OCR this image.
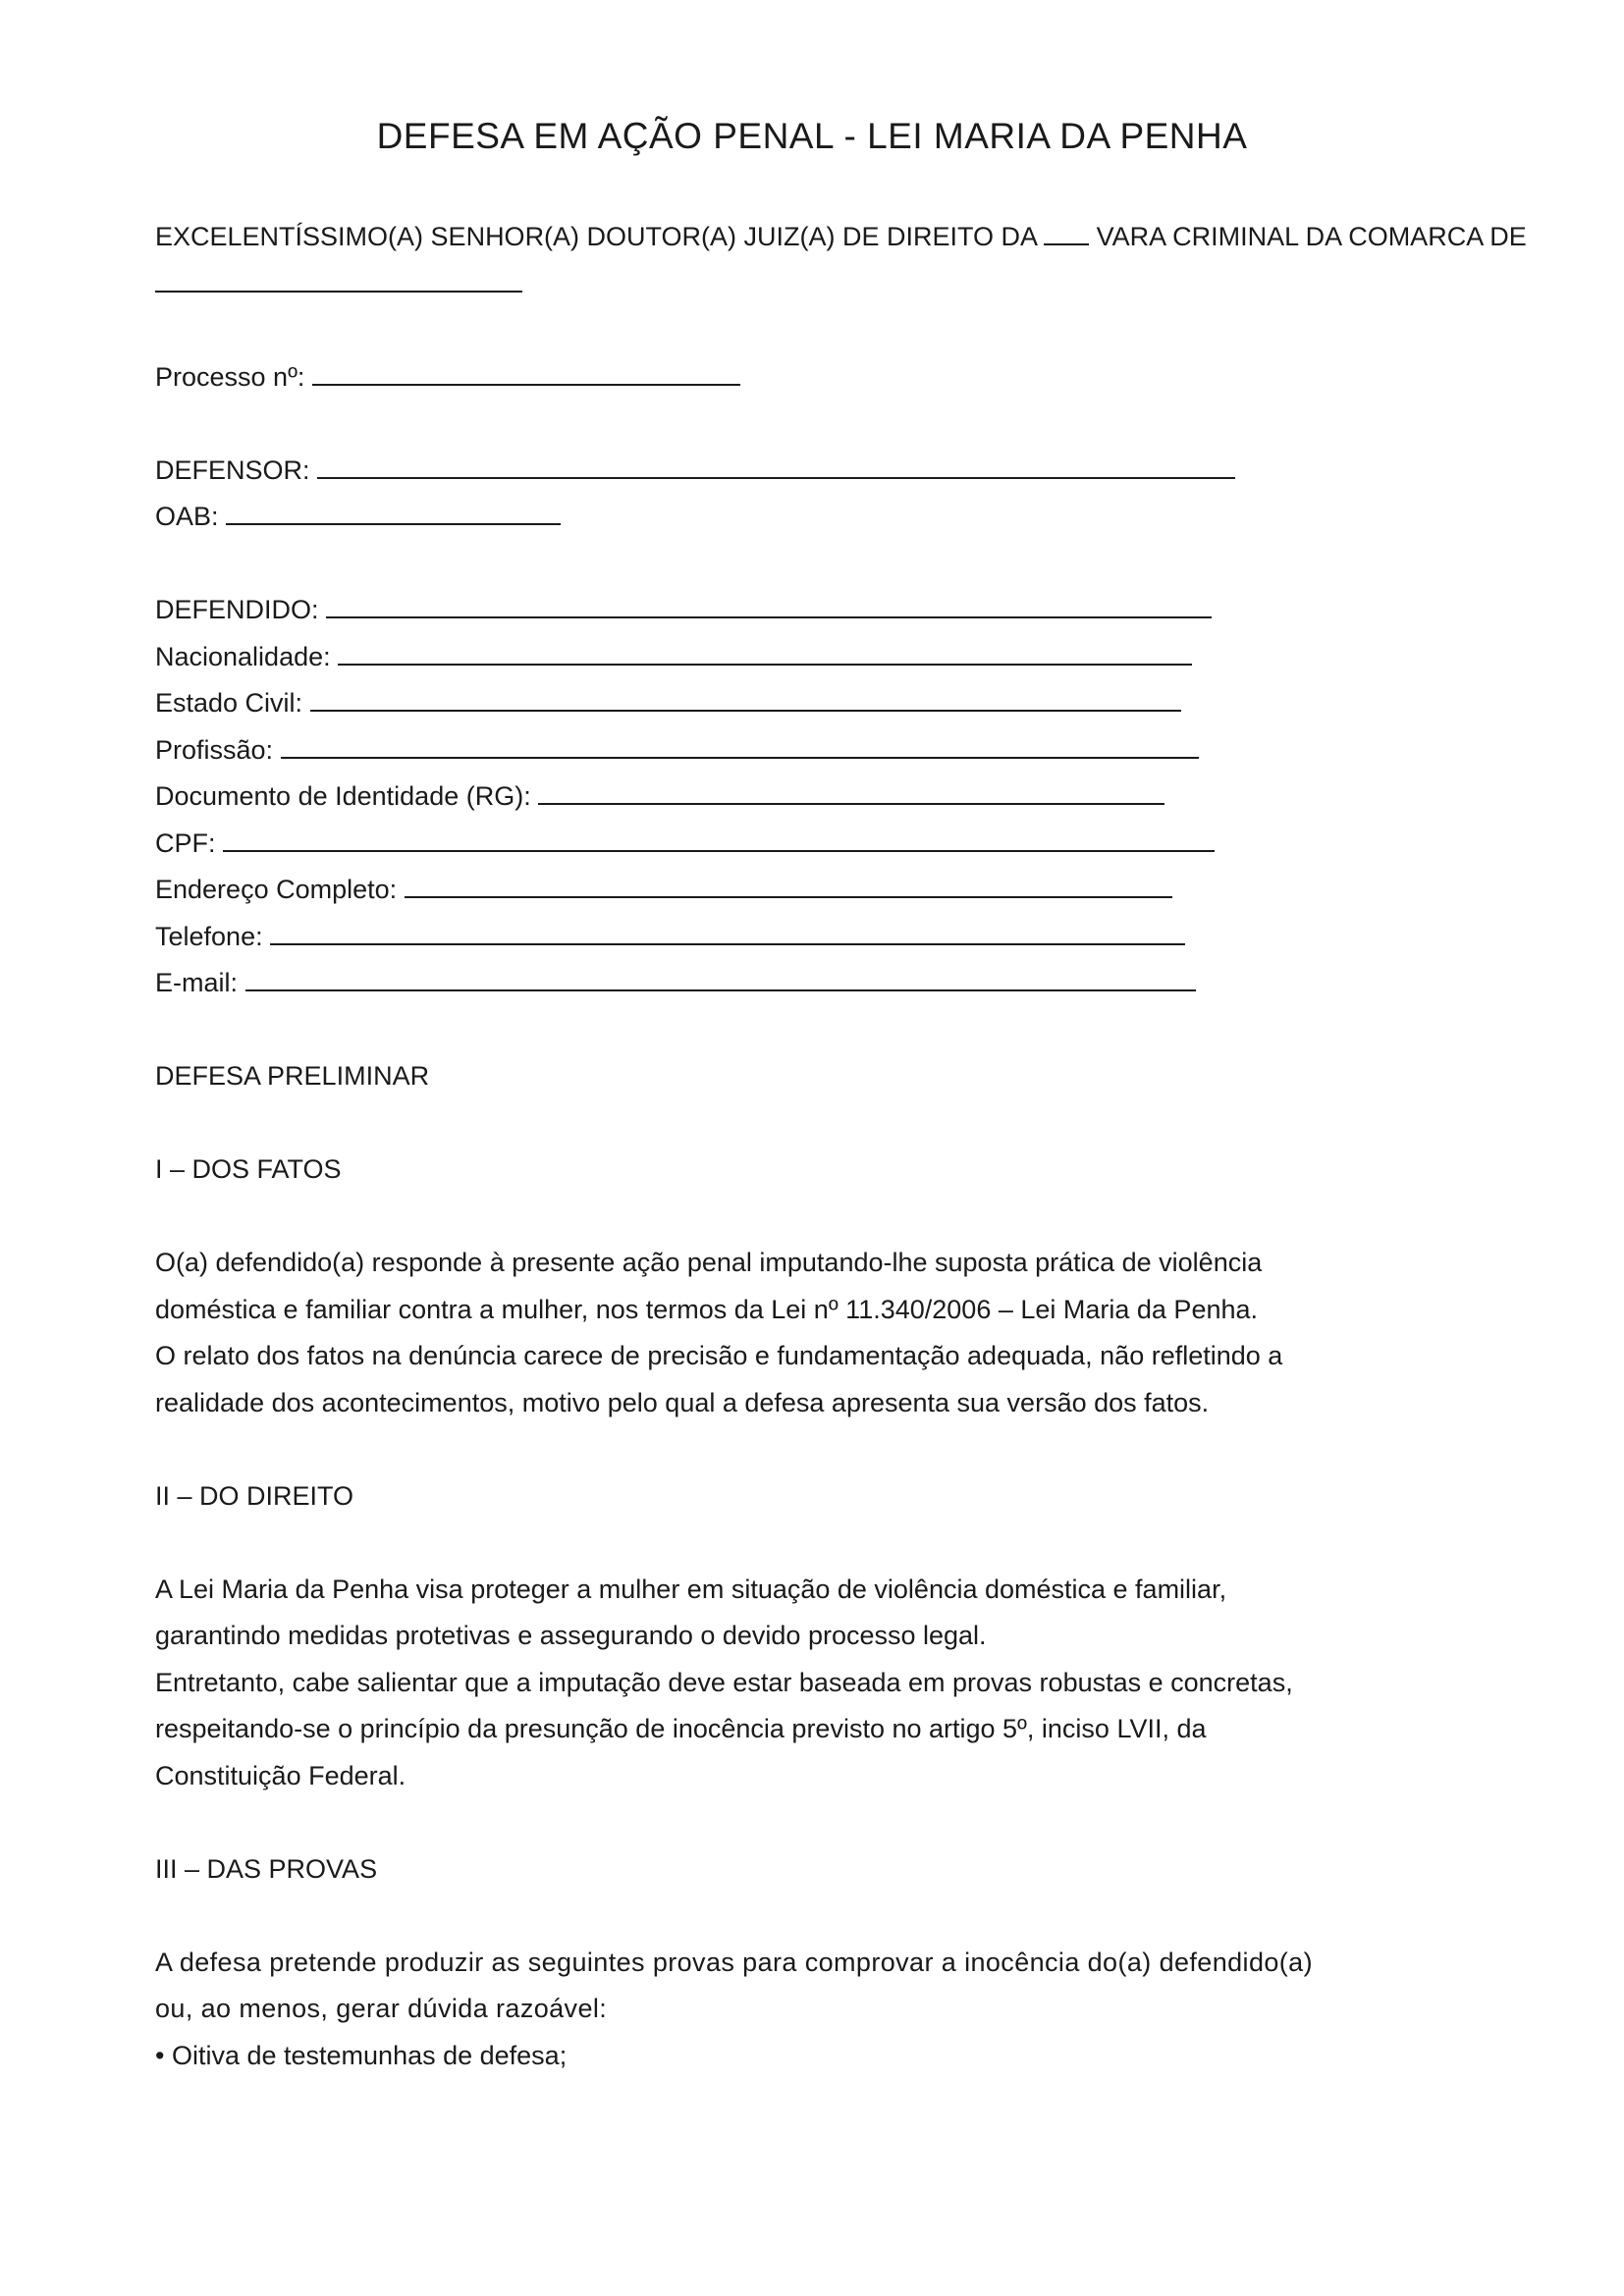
DEFESA EM AÇÃO PENAL - LEI MARIA DA PENHA

EXCELENTÍSSIMO(A) SENHOR(A) DOUTOR(A) JUIZ(A) DE DIREITO DA VARA CRIMINAL DA COMARCA DE

Processo nº:

DEFENSOR:

OAB:

DEFENDIDO:

Nacionalidade:

Estado Civil:

Profissão:

Documento de Identidade (RG):

CPF:

Endereço Completo:

Telefone:

E-mail:

DEFESA PRELIMINAR

I – DOS FATOS

O(a) defendido(a) responde à presente ação penal imputando-lhe suposta prática de violência

doméstica e familiar contra a mulher, nos termos da Lei nº 11.340/2006 – Lei Maria da Penha.

O relato dos fatos na denúncia carece de precisão e fundamentação adequada, não refletindo a

realidade dos acontecimentos, motivo pelo qual a defesa apresenta sua versão dos fatos.

II – DO DIREITO

A Lei Maria da Penha visa proteger a mulher em situação de violência doméstica e familiar,

garantindo medidas protetivas e assegurando o devido processo legal.

Entretanto, cabe salientar que a imputação deve estar baseada em provas robustas e concretas,

respeitando-se o princípio da presunção de inocência previsto no artigo 5º, inciso LVII, da

Constituição Federal.

III – DAS PROVAS

A defesa pretende produzir as seguintes provas para comprovar a inocência do(a) defendido(a)

ou, ao menos, gerar dúvida razoável:

• Oitiva de testemunhas de defesa;
